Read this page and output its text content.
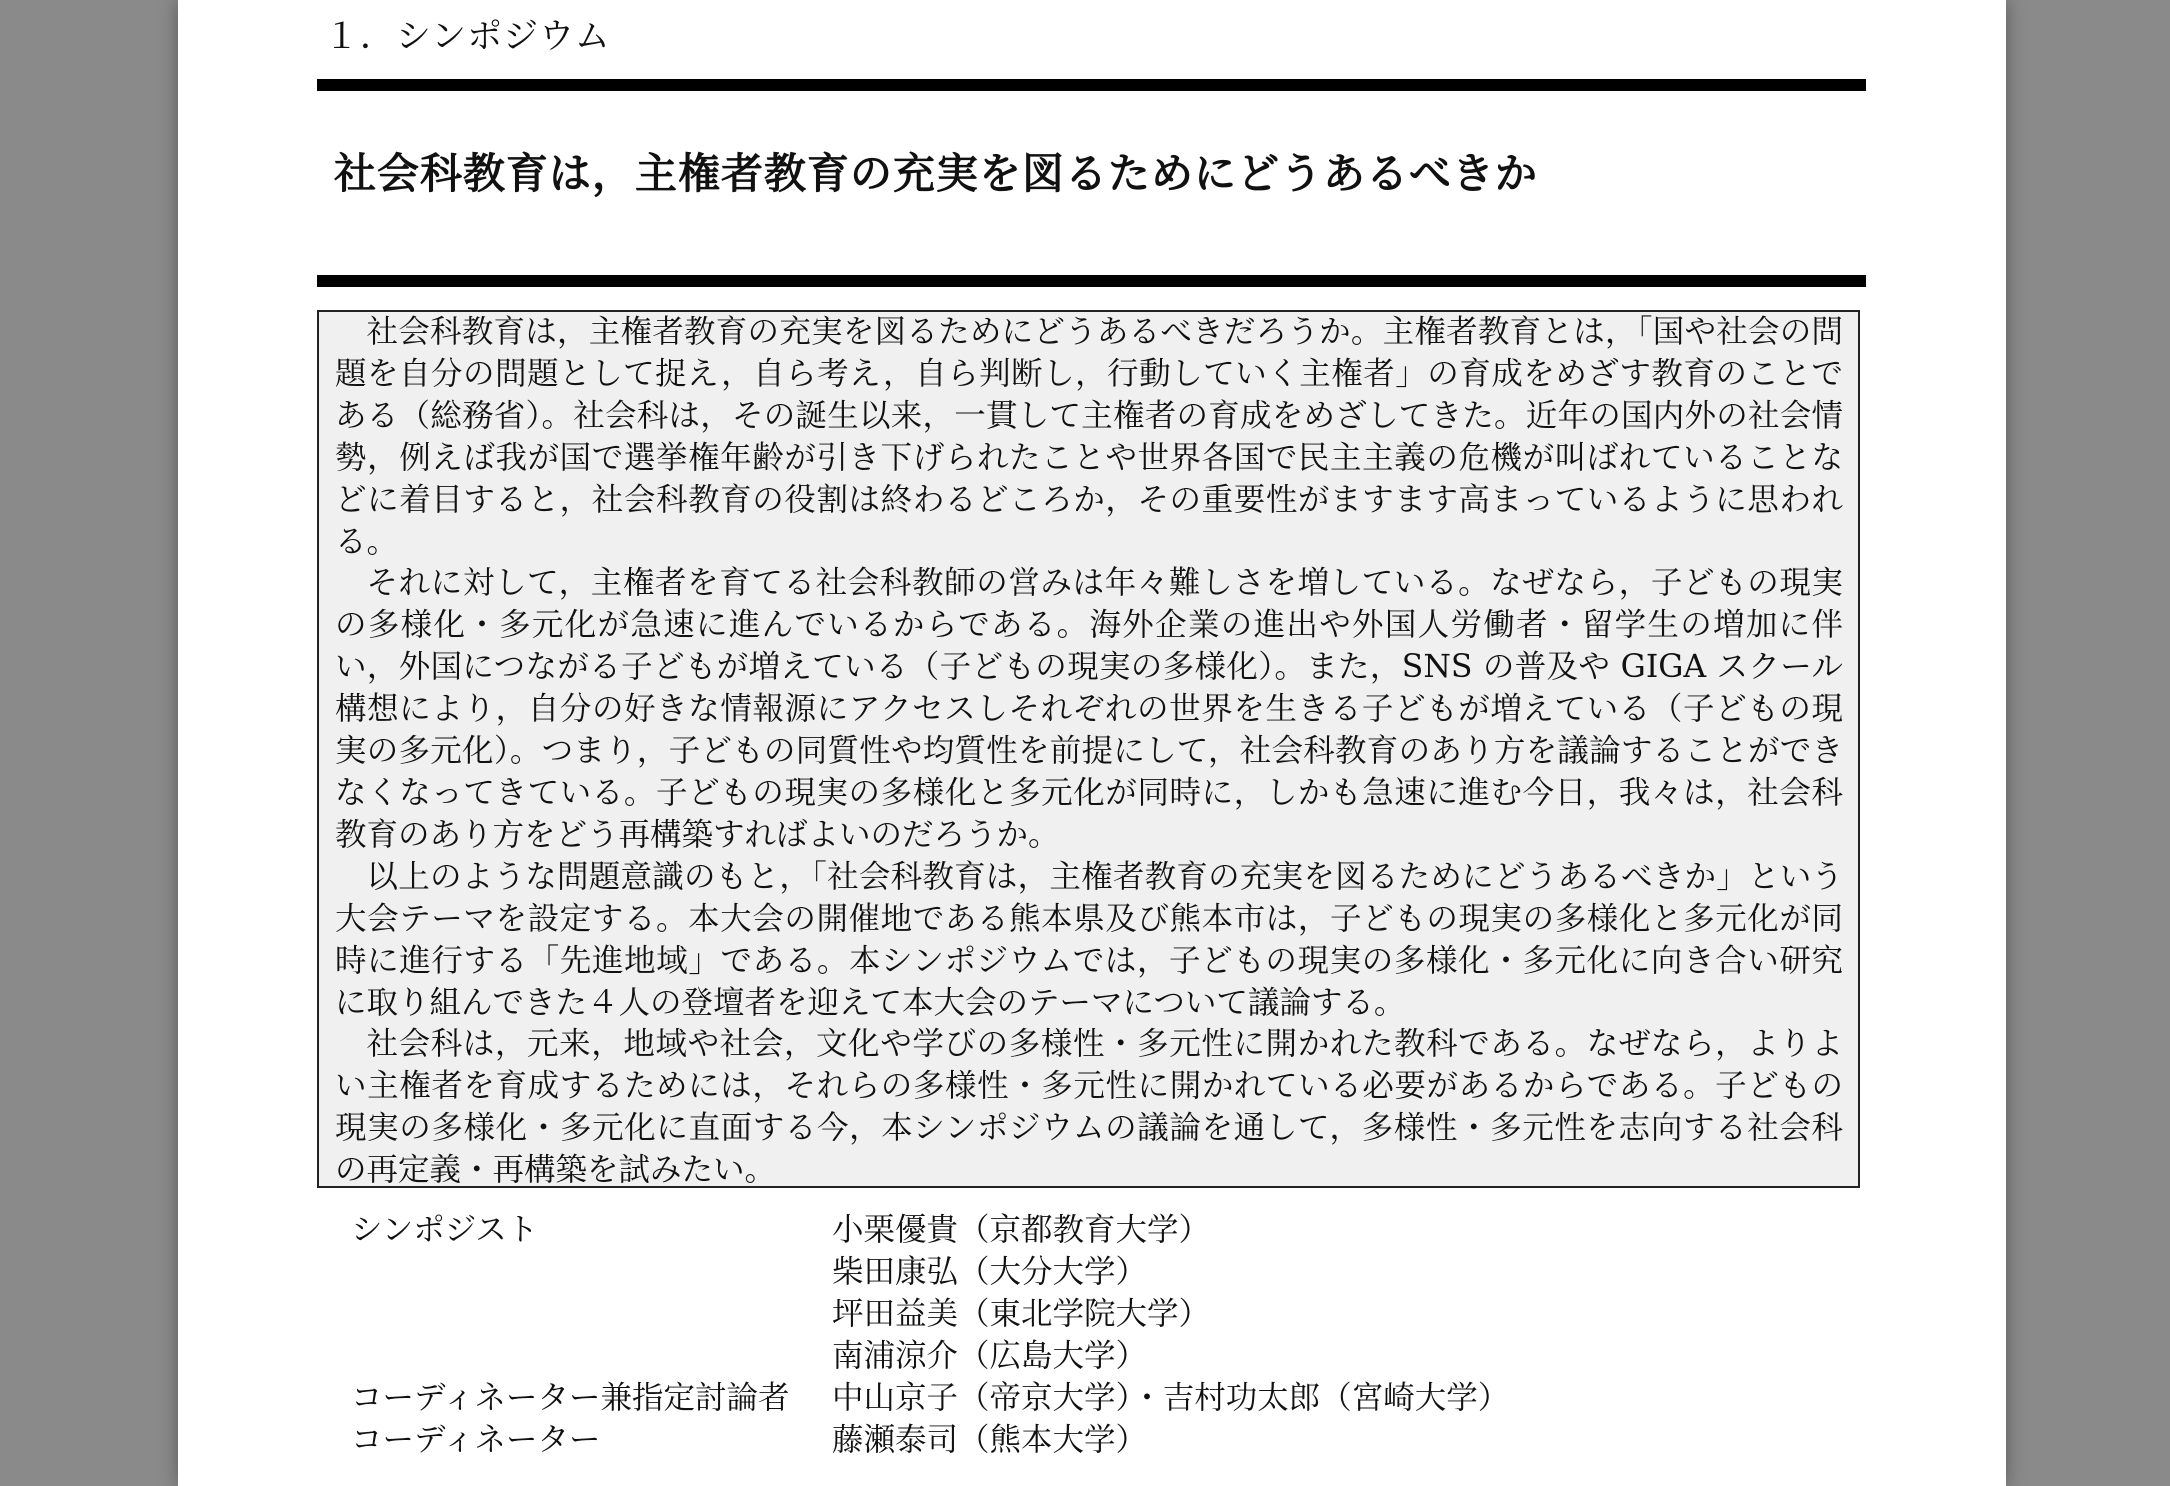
１．シンポジウム
社会科教育は，主権者教育の充実を図るためにどうあるべきか

社会科教育は，主権者教育の充実を図るためにどうあるべきだろうか。主権者教育とは，「国や社会の問題を自分の問題として捉え，自ら考え，自ら判断し，行動していく主権者」の育成をめざす教育のことである（総務省）。社会科は，その誕生以来，一貫して主権者の育成をめざしてきた。近年の国内外の社会情勢，例えば我が国で選挙権年齢が引き下げられたことや世界各国で民主主義の危機が叫ばれていることなどに着目すると，社会科教育の役割は終わるどころか，その重要性がますます高まっているように思われる。

それに対して，主権者を育てる社会科教師の営みは年々難しさを増している。なぜなら，子どもの現実の多様化・多元化が急速に進んでいるからである。海外企業の進出や外国人労働者・留学生の増加に伴い，外国につながる子どもが増えている（子どもの現実の多様化）。また，SNS の普及や GIGA スクール構想により，自分の好きな情報源にアクセスしそれぞれの世界を生きる子どもが増えている（子どもの現実の多元化）。つまり，子どもの同質性や均質性を前提にして，社会科教育のあり方を議論することができなくなってきている。子どもの現実の多様化と多元化が同時に，しかも急速に進む今日，我々は，社会科教育のあり方をどう再構築すればよいのだろうか。

以上のような問題意識のもと，「社会科教育は，主権者教育の充実を図るためにどうあるべきか」という大会テーマを設定する。本大会の開催地である熊本県及び熊本市は，子どもの現実の多様化と多元化が同時に進行する「先進地域」である。本シンポジウムでは，子どもの現実の多様化・多元化に向き合い研究に取り組んできた４人の登壇者を迎えて本大会のテーマについて議論する。

社会科は，元来，地域や社会，文化や学びの多様性・多元性に開かれた教科である。なぜなら，よりよい主権者を育成するためには，それらの多様性・多元性に開かれている必要があるからである。子どもの現実の多様化・多元化に直面する今，本シンポジウムの議論を通して，多様性・多元性を志向する社会科の再定義・再構築を試みたい。

シンポジスト	小栗優貴（京都教育大学）
柴田康弘（大分大学）
坪田益美（東北学院大学）
南浦涼介（広島大学）
コーディネーター兼指定討論者 中山京子（帝京大学）・吉村功太郎（宮崎大学）
コーディネーター	藤瀬泰司（熊本大学）
